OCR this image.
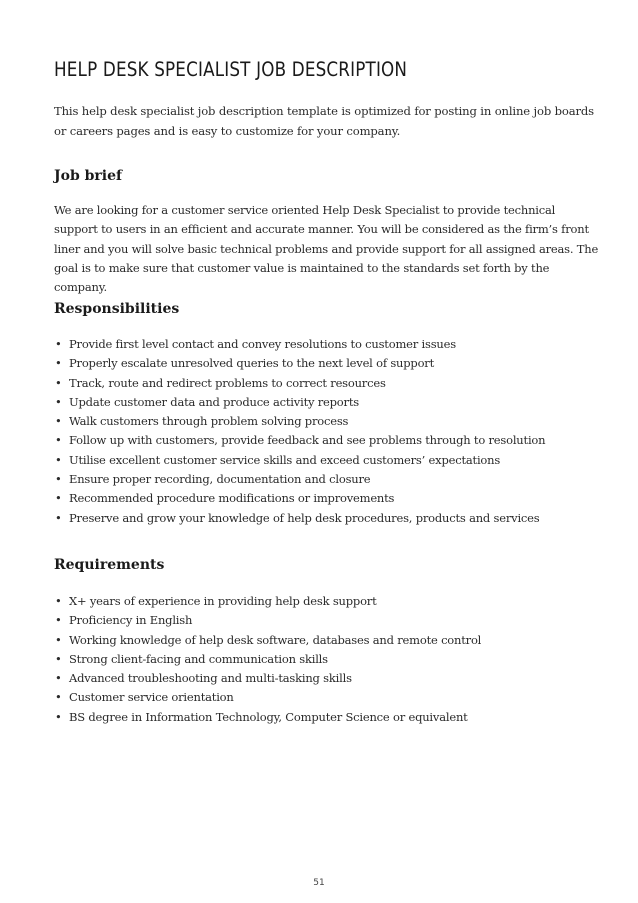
HELP DESK SPECIALIST JOB DESCRIPTION

This help desk specialist job description template is optimized for posting in online job boards or careers pages and is easy to customize for your company.

Job brief

We are looking for a customer service oriented Help Desk Specialist to provide technical support to users in an efficient and accurate manner. You will be considered as the firm’s front liner and you will solve basic technical problems and provide support for all assigned areas. The goal is to make sure that customer value is maintained to the standards set forth by the company.

Responsibilities
• Provide first level contact and convey resolutions to customer issues
• Properly escalate unresolved queries to the next level of support
• Track, route and redirect problems to correct resources
• Update customer data and produce activity reports
• Walk customers through problem solving process
• Follow up with customers, provide feedback and see problems through to resolution
• Utilise excellent customer service skills and exceed customers’ expectations
• Ensure proper recording, documentation and closure
• Recommended procedure modifications or improvements
• Preserve and grow your knowledge of help desk procedures, products and services
Requirements
• X+ years of experience in providing help desk support
• Proficiency in English
• Working knowledge of help desk software, databases and remote control
• Strong client-facing and communication skills
• Advanced troubleshooting and multi-tasking skills
• Customer service orientation
• BS degree in Information Technology, Computer Science or equivalent
51
